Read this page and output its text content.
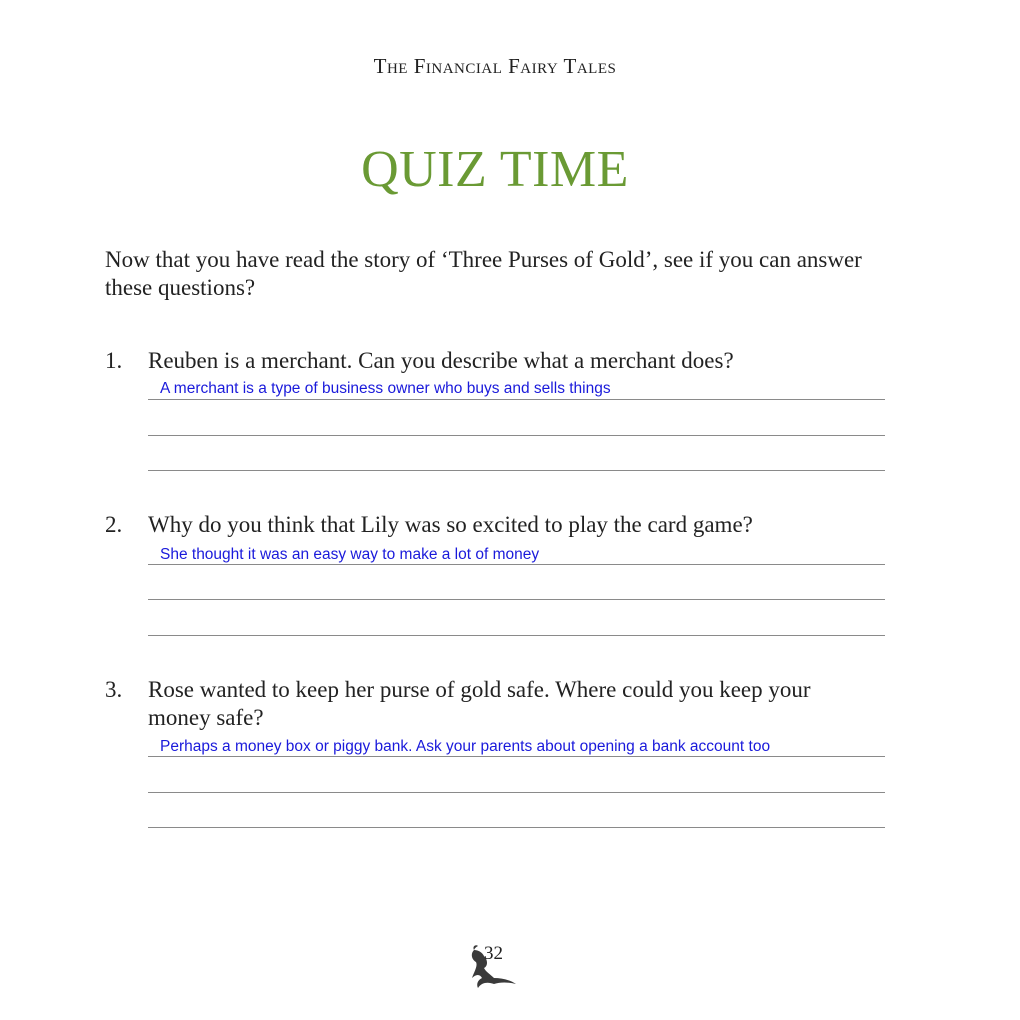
The Financial Fairy Tales
QUIZ TIME
Now that you have read the story of ‘Three Purses of Gold’, see if you can answer these questions?
1. Reuben is a merchant. Can you describe what a merchant does?
A merchant is a type of business owner who buys and sells things
2. Why do you think that Lily was so excited to play the card game?
She thought it was an easy way to make a lot of money
3. Rose wanted to keep her purse of gold safe. Where could you keep your money safe?
Perhaps a money box or piggy bank. Ask your parents about opening a bank account too
32
